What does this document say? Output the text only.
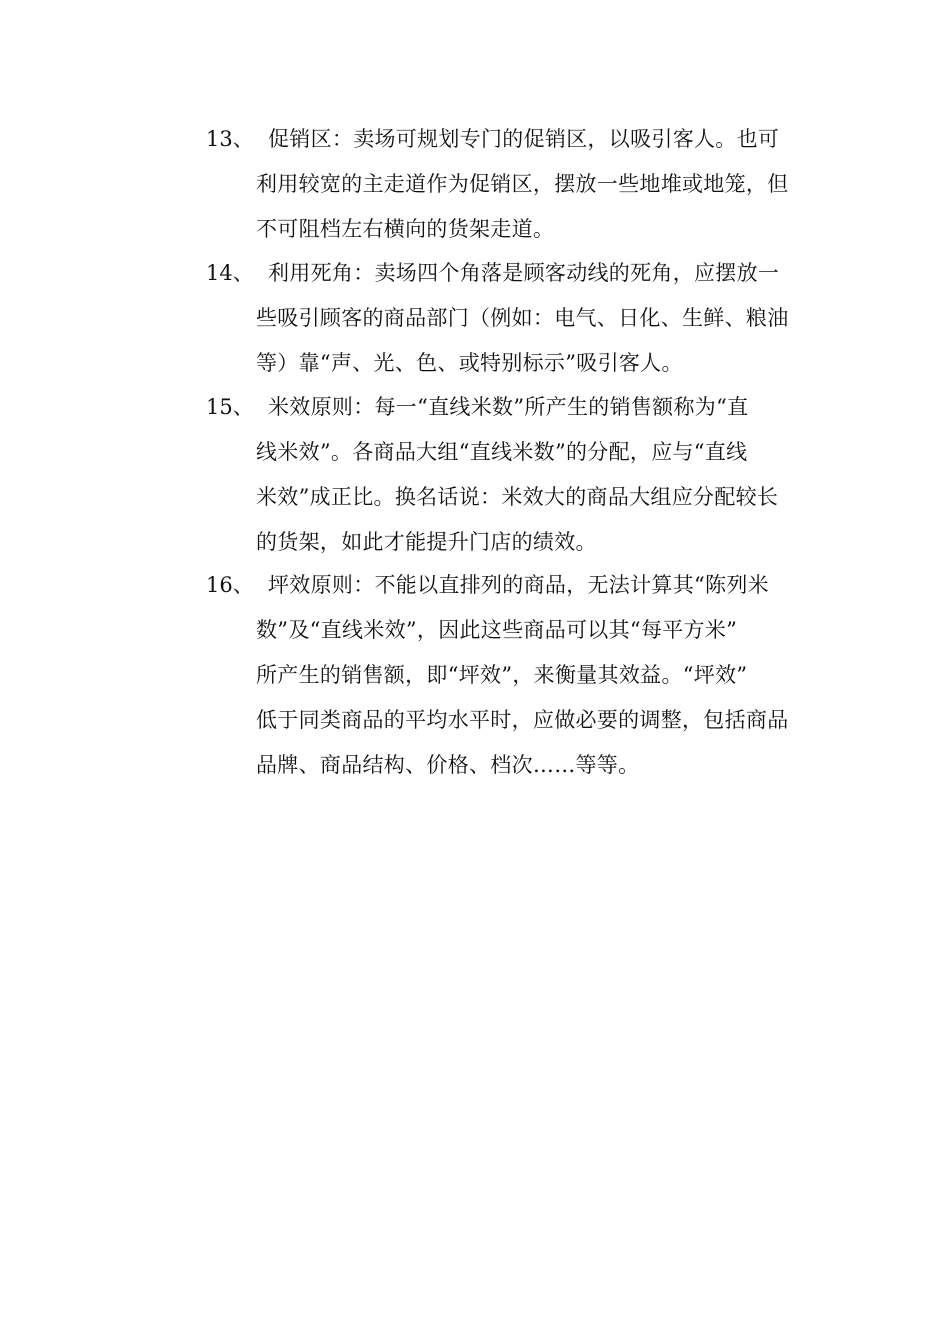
13、 促销区：卖场可规划专门的促销区，以吸引客人。也可
利用较宽的主走道作为促销区，摆放一些地堆或地笼，但
不可阻档左右横向的货架走道。
14、 利用死角：卖场四个角落是顾客动线的死角，应摆放一
些吸引顾客的商品部门（例如：电气、日化、生鲜、粮油
等）靠“声、光、色、或特别标示”吸引客人。
15、 米效原则：每一“直线米数”所产生的销售额称为“直
线米效”。各商品大组“直线米数”的分配，应与“直线
米效”成正比。换名话说：米效大的商品大组应分配较长
的货架，如此才能提升门店的绩效。
16、 坪效原则：不能以直排列的商品，无法计算其“陈列米
数”及“直线米效”，因此这些商品可以其“每平方米”
所产生的销售额，即“坪效”，来衡量其效益。“坪效”
低于同类商品的平均水平时，应做必要的调整，包括商品
品牌、商品结构、价格、档次……等等。
